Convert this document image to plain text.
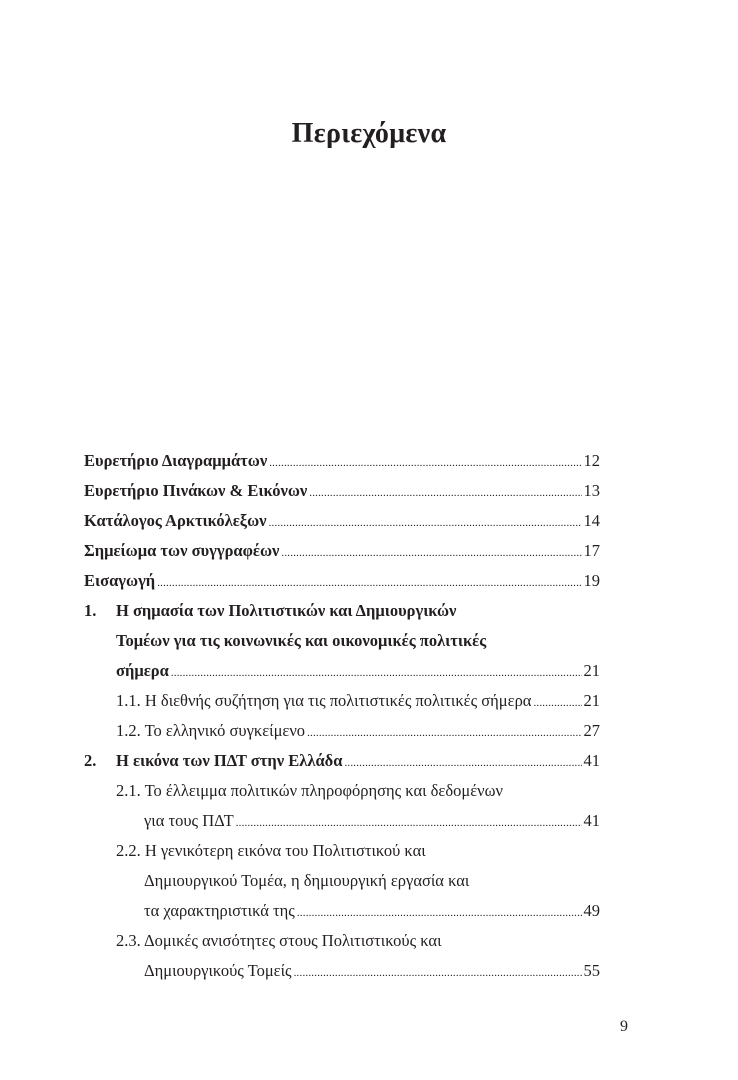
Περιεχόμενα
Ευρετήριο Διαγραμμάτων .....	12
Ευρετήριο Πινάκων & Εικόνων .....	13
Κατάλογος Αρκτικόλεξων .....	14
Σημείωμα των συγγραφέων .....	17
Εισαγωγή .....	19
1.	Η σημασία των Πολιτιστικών και Δημιουργικών
Τομέων για τις κοινωνικές και οικονομικές πολιτικές
σήμερα .....	21
1.1. Η διεθνής συζήτηση για τις πολιτιστικές πολιτικές σήμερα .....	21
1.2. Το ελληνικό συγκείμενο .....	27
2.	Η εικόνα των ΠΔΤ στην Ελλάδα .....	41
2.1. Το έλλειμμα πολιτικών πληροφόρησης και δεδομένων
για τους ΠΔΤ .....	41
2.2. Η γενικότερη εικόνα του Πολιτιστικού και
Δημιουργικού Τομέα, η δημιουργική εργασία και
τα χαρακτηριστικά της .....	49
2.3. Δομικές ανισότητες στους Πολιτιστικούς και
Δημιουργικούς Τομείς .....	55
9
